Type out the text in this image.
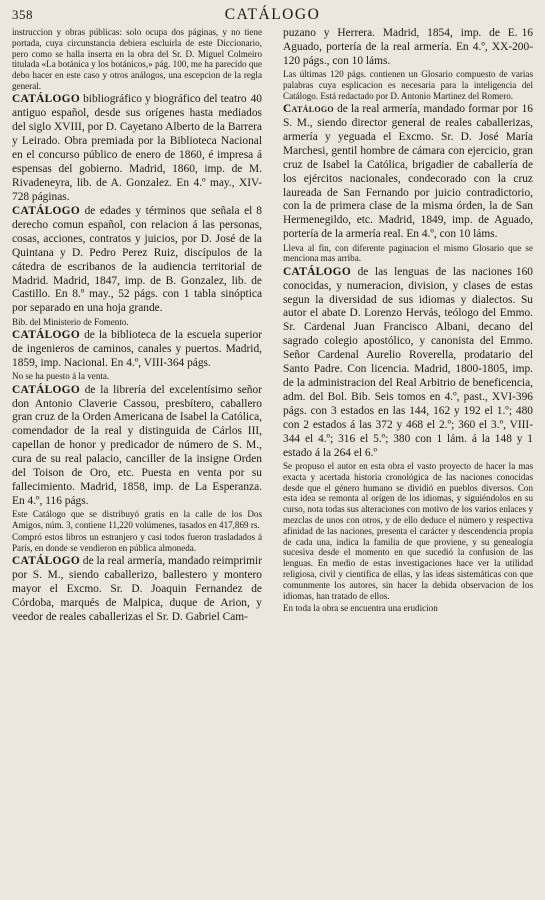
358	CATÁLOGO

instruccion y obras públicas: solo ocupa dos páginas, y no tiene portada, cuya circunstancia debiera escluirla de este Diccionario, pero como se halla inserta en la obra del Sr. D. Miguel Colmeiro titulada «La botánica y los botánicos,» pág. 100, me ha parecido que debo hacer en este caso y otros análogos, una escepcion de la regla general.

40
CATÁLOGO bibliográfico y biográfico del teatro antiguo español, desde sus orígenes hasta mediados del siglo XVIII, por D. Cayetano Alberto de la Barrera y Leirado. Obra premiada por la Biblioteca Nacional en el concurso público de enero de 1860, é impresa á espensas del gobierno. Madrid, 1860, imp. de M. Rivadeneyra, lib. de A. Gonzalez. En 4.º may., XIV-728 páginas.

8
CATÁLOGO de edades y términos que señala el derecho comun español, con relacion á las personas, cosas, acciones, contratos y juicios, por D. José de la Quintana y D. Pedro Perez Ruiz, discípulos de la cátedra de escribanos de la audiencia territorial de Madrid. Madrid, 1847, imp. de B. Gonzalez, lib. de Castillo. En 8.º may., 52 págs. con 1 tabla sinóptica por separado en una hoja grande.

Bib. del Ministerio de Fomento.

CATÁLOGO de la biblioteca de la escuela superior de ingenieros de caminos, canales y puertos. Madrid, 1859, imp. Nacional. En 4.º, VIII-364 págs.

No se ha puesto á la venta.

CATÁLOGO de la librería del excelentísimo señor don Antonio Claverie Cassou, presbítero, caballero gran cruz de la Orden Americana de Isabel la Católica, comendador de la real y distinguida de Cárlos III, capellan de honor y predicador de número de S. M., cura de su real palacio, canciller de la insigne Orden del Toison de Oro, etc. Puesta en venta por su fallecimiento. Madrid, 1858, imp. de La Esperanza. En 4.º, 116 págs.

Este Catálogo que se distribuyó gratis en la calle de los Dos Amigos, núm. 3, contiene 11,220 volúmenes, tasados en 417,869 rs.

Compró estos libros un estranjero y casi todos fueron trasladados á París, en donde se vendieron en pública almoneda.

CATÁLOGO de la real armería, mandado reimprimir por S. M., siendo caballerizo, ballestero y montero mayor el Excmo. Sr. D. Joaquin Fernandez de Córdoba, marqués de Malpica, duque de Arion, y veedor de reales caballerizas el Sr. D. Gabriel Cam-

16
puzano y Herrera. Madrid, 1854, imp. de E. Aguado, portería de la real armería. En 4.º, XX-200-120 págs., con 10 láms.

Las últimas 120 págs. contienen un Glosario compuesto de varias palabras cuya esplicacion es necesaria para la inteligencia del Catálogo. Está redactado por D. Antonio Martinez del Romero.

16
Catálogo de la real armería, mandado formar por S. M., siendo director general de reales caballerizas, armería y yeguada el Excmo. Sr. D. José María Marchesi, gentil hombre de cámara con ejercicio, gran cruz de Isabel la Católica, brigadier de caballería de los ejércitos nacionales, condecorado con la cruz laureada de San Fernando por juicio contradictorio, con la de primera clase de la misma órden, la de San Hermenegildo, etc. Madrid, 1849, imp. de Aguado, portería de la armería real. En 4.º, con 10 láms.

Lleva al fin, con diferente paginacion el mismo Glosario que se menciona mas arriba.

160
CATÁLOGO de las lenguas de las naciones conocidas, y numeracion, division, y clases de estas segun la diversidad de sus idiomas y dialectos. Su autor el abate D. Lorenzo Hervás, teólogo del Emmo. Sr. Cardenal Juan Francisco Albani, decano del sagrado colegio apostólico, y canonista del Emmo. Señor Cardenal Aurelio Roverella, prodatario del Santo Padre. Con licencia. Madrid, 1800-1805, imp. de la administracion del Real Arbitrio de beneficencia, adm. del Bol. Bib. Seis tomos en 4.º, past., XVI-396 págs. con 3 estados en las 144, 162 y 192 el 1.º; 480 con 2 estados á las 372 y 468 el 2.º; 360 el 3.º, VIII-344 el 4.º; 316 el 5.º; 380 con 1 lám. á la 148 y 1 estado á la 264 el 6.º

Se propuso el autor en esta obra el vasto proyecto de hacer la mas exacta y acertada historia cronológica de las naciones conocidas desde que el género humano se dividió en pueblos diversos. Con esta idea se remonta al orígen de los idiomas, y siguiéndolos en su curso, nota todas sus alteraciones con motivo de los varios enlaces y mezclas de unos con otros, y de ello deduce el número y respectiva afinidad de las naciones, presenta el carácter y descendencia propia de cada una, indica la familia de que proviene, y su genealogía sucesiva desde el momento en que sucedió la confusion de las lenguas. En medio de estas investigaciones hace ver la utilidad religiosa, civil y científica de ellas, y las ideas sistemáticas con que comunmente los autores, sin hacer la debida observacion de los idiomas, han tratado de ellos.

En toda la obra se encuentra una erudicion
